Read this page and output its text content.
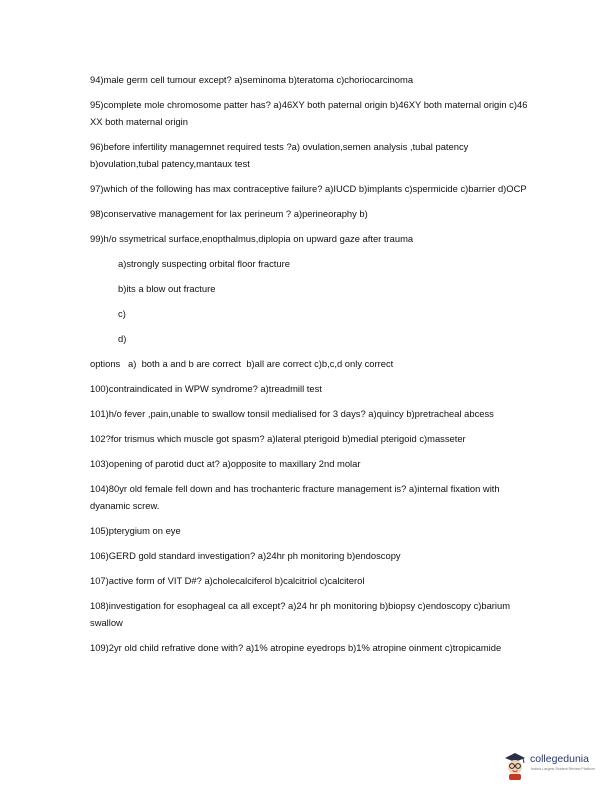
94)male germ cell tumour except? a)seminoma b)teratoma c)choriocarcinoma

95)complete mole chromosome patter has? a)46XY both paternal origin b)46XY both maternal origin c)46 XX both maternal origin

96)before infertility managemnet required tests ?a) ovulation,semen analysis ,tubal patency b)ovulation,tubal patency,mantaux test

97)which of the following has max contraceptive failure? a)IUCD b)implants c)spermicide c)barrier d)OCP

98)conservative management for lax perineum ? a)perineoraphy b)

99)h/o ssymetrical surface,enopthalmus,diplopia on upward gaze after trauma

a)strongly suspecting orbital floor fracture

b)its a blow out fracture

c)

d)

options   a)  both a and b are correct  b)all are correct c)b,c,d only correct

100)contraindicated in WPW syndrome? a)treadmill test

101)h/o fever ,pain,unable to swallow tonsil medialised for 3 days? a)quincy b)pretracheal abcess

102?for trismus which muscle got spasm? a)lateral pterigoid b)medial pterigoid c)masseter

103)opening of parotid duct at? a)opposite to maxillary 2nd molar

104)80yr old female fell down and has trochanteric fracture management is? a)internal fixation with dyanamic screw.

105)pterygium on eye

106)GERD gold standard investigation? a)24hr ph monitoring b)endoscopy

107)active form of VIT D#? a)cholecalciferol b)calcitriol c)calciterol

108)investigation for esophageal ca all except? a)24 hr ph monitoring b)biopsy c)endoscopy c)barium swallow

109)2yr old child refrative done with? a)1% atropine eyedrops b)1% atropine oinment c)tropicamide

collegedunia
India's Largest Student Review Platform
